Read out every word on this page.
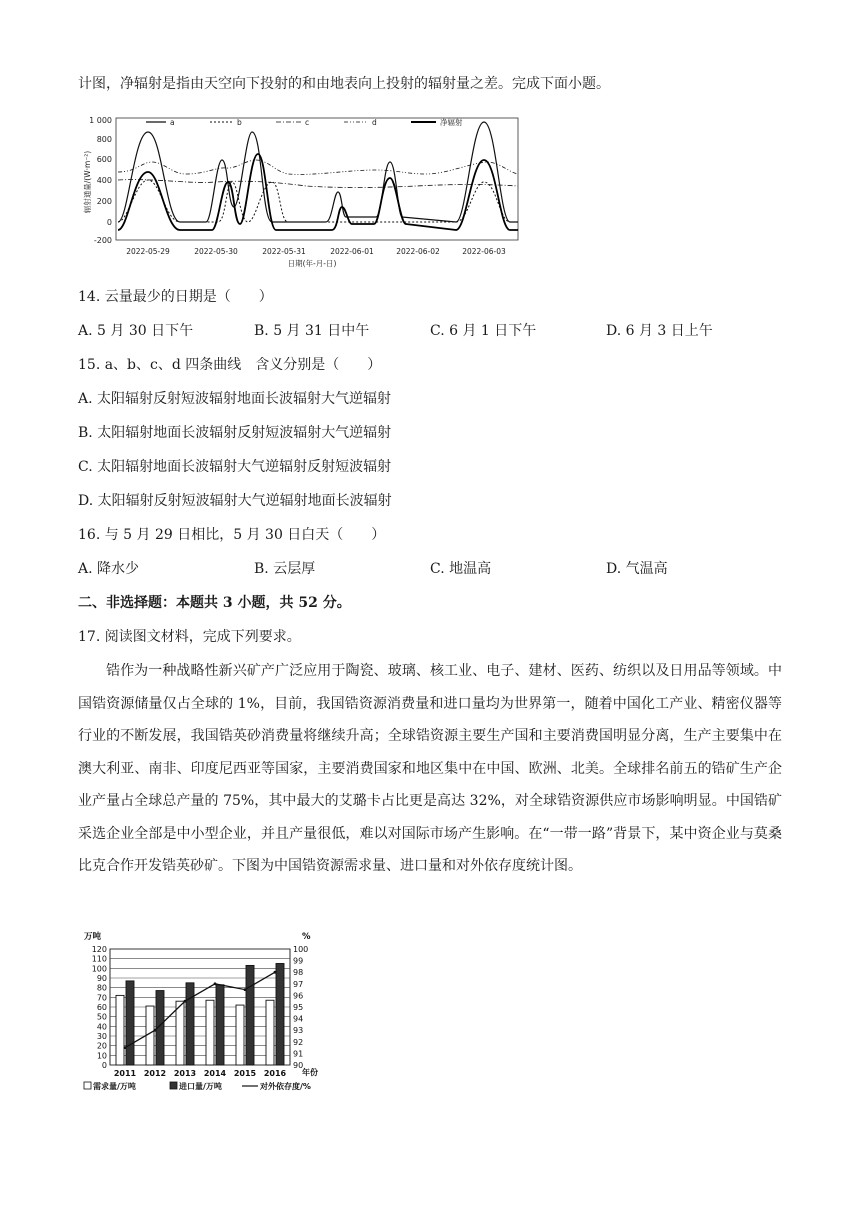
计图，净辐射是指由天空向下投射的和由地表向上投射的辐射量之差。完成下面小题。
1 000
800
600
400
200
0
-200
辐射通量/(W·m⁻²)
2022-05-29	2022-05-30	2022-05-31	2022-06-01	2022-06-02	2022-06-03
日期(年-月-日)
a	b	c	d	净辐射
14. 云量最少的日期是（　　）
A. 5 月 30 日下午	B. 5 月 31 日中午	C. 6 月 1 日下午	D. 6 月 3 日上午
15. a、b、c、d 四条曲线　含义分别是（　　）
A. 太阳辐射反射短波辐射地面长波辐射大气逆辐射
B. 太阳辐射地面长波辐射反射短波辐射大气逆辐射
C. 太阳辐射地面长波辐射大气逆辐射反射短波辐射
D. 太阳辐射反射短波辐射大气逆辐射地面长波辐射
16. 与 5 月 29 日相比，5 月 30 日白天（　　）
A. 降水少	B. 云层厚	C. 地温高	D. 气温高
二、非选择题：本题共 3 小题，共 52 分。
17. 阅读图文材料，完成下列要求。
锆作为一种战略性新兴矿产广泛应用于陶瓷、玻璃、核工业、电子、建材、医药、纺织以及日用品等领域。中国锆资源储量仅占全球的 1%，目前，我国锆资源消费量和进口量均为世界第一，随着中国化工产业、精密仪器等行业的不断发展，我国锆英砂消费量将继续升高；全球锆资源主要生产国和主要消费国明显分离，生产主要集中在澳大利亚、南非、印度尼西亚等国家，主要消费国家和地区集中在中国、欧洲、北美。全球排名前五的锆矿生产企业产量占全球总产量的 75%，其中最大的艾璐卡占比更是高达 32%，对全球锆资源供应市场影响明显。中国锆矿采选企业全部是中小型企业，并且产量很低，难以对国际市场产生影响。在“一带一路”背景下，某中资企业与莫桑比克合作开发锆英砂矿。下图为中国锆资源需求量、进口量和对外依存度统计图。
万吨	%
120
110
100
90
80
70
60
50
40
30
20
10
0
100
99
98
97
96
95
94
93
92
91
90
2011 2012 2013 2014 2015 2016 年份
需求量/万吨	进口量/万吨	对外依存度/%
